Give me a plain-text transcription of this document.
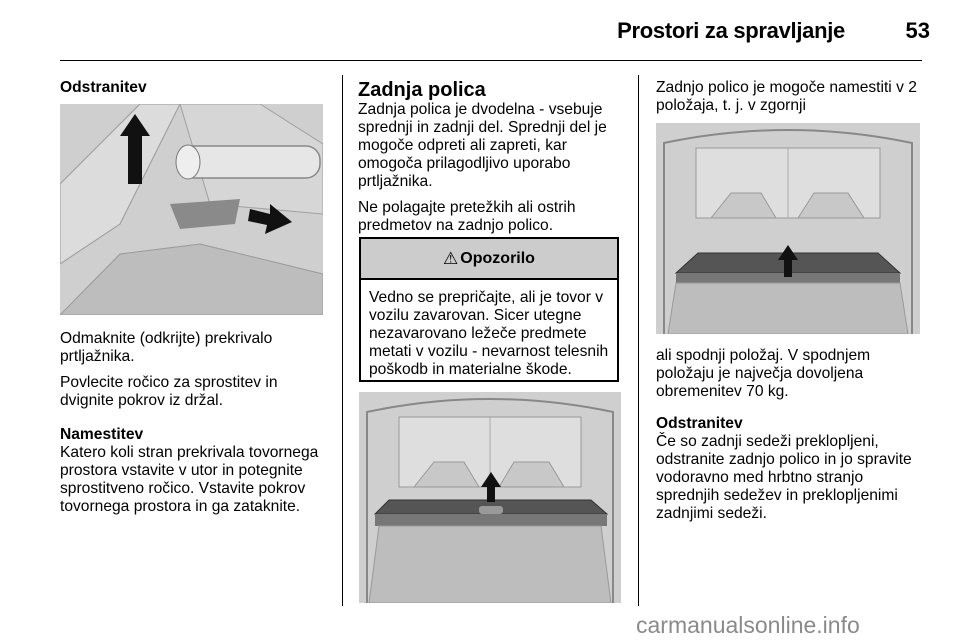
Prostori za spravljanje	53
Odstranitev

Odmaknite (odkrijte) prekrivalo prtljažnika.

Povlecite ročico za sprostitev in dvignite pokrov iz držal.

Namestitev

Katero koli stran prekrivala tovornega prostora vstavite v utor in potegnite sprostitveno ročico. Vstavite pokrov tovornega prostora in ga zataknite.

Zadnja polica

Zadnja polica je dvodelna - vsebuje sprednji in zadnji del. Sprednji del je mogoče odpreti ali zapreti, kar omogoča prilagodljivo uporabo prtljažnika.

Ne polagajte pretežkih ali ostrih predmetov na zadnjo polico.

⚠ Opozorilo
Vedno se prepričajte, ali je tovor v vozilu zavarovan. Sicer utegne nezavarovano ležeče predmete metati v vozilu - nevarnost telesnih poškodb in materialne škode.

Zadnjo polico je mogoče namestiti v 2 položaja, t. j. v zgornji

ali spodnji položaj. V spodnjem položaju je največja dovoljena obremenitev 70 kg.

Odstranitev

Če so zadnji sedeži preklopljeni, odstranite zadnjo polico in jo spravite vodoravno med hrbtno stranjo sprednjih sedežev in preklopljenimi zadnjimi sedeži.

carmanualsonline.info
